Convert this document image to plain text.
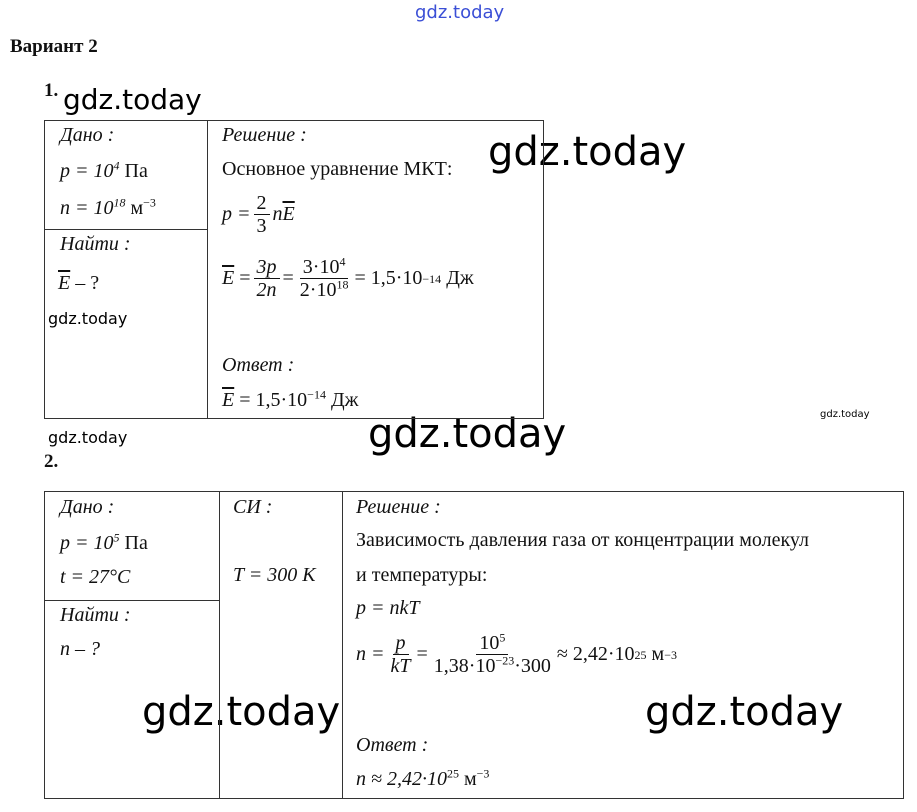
gdz.today
gdz.today
gdz.today
gdz.today
gdz.today
gdz.today	gdz.today
gdz.today	gdz.today
Вариант 2
1.
Дано :
$p = 10^4$ Па
$n = 10^{18}$ $м^{-3}$
Найти :
$\overline{E}$ – ?
Решение :
Основное уравнение МКТ:
$p = \frac{2}{3}$ n $\overline{E}$
$\overline{E}$
= $\frac{3p}{2n} = \frac{3\cdot 10^4}{2\cdot 10^{18}} = 1,5\cdot 10 -14$
Дж
Ответ :
$\overline{E} = 1,5\cdot 10^{-14}$ Дж
2.
Дано :
$p = 10^5$ Па
t = 27°C
Найти :
n – ?
СИ :
T = 300 К
Решение :
Зависимость давления газа от концентрации молекул
и температуры:
p = nkT
$n = \frac{p}{kT} = \frac{10^5}{1,38\cdot 10^{-23}\cdot 300} \approx 2,42\cdot 10$ 25
м −3
Ответ :
$n \approx 2,42\cdot 10^{25}$ $м^{-3}$
